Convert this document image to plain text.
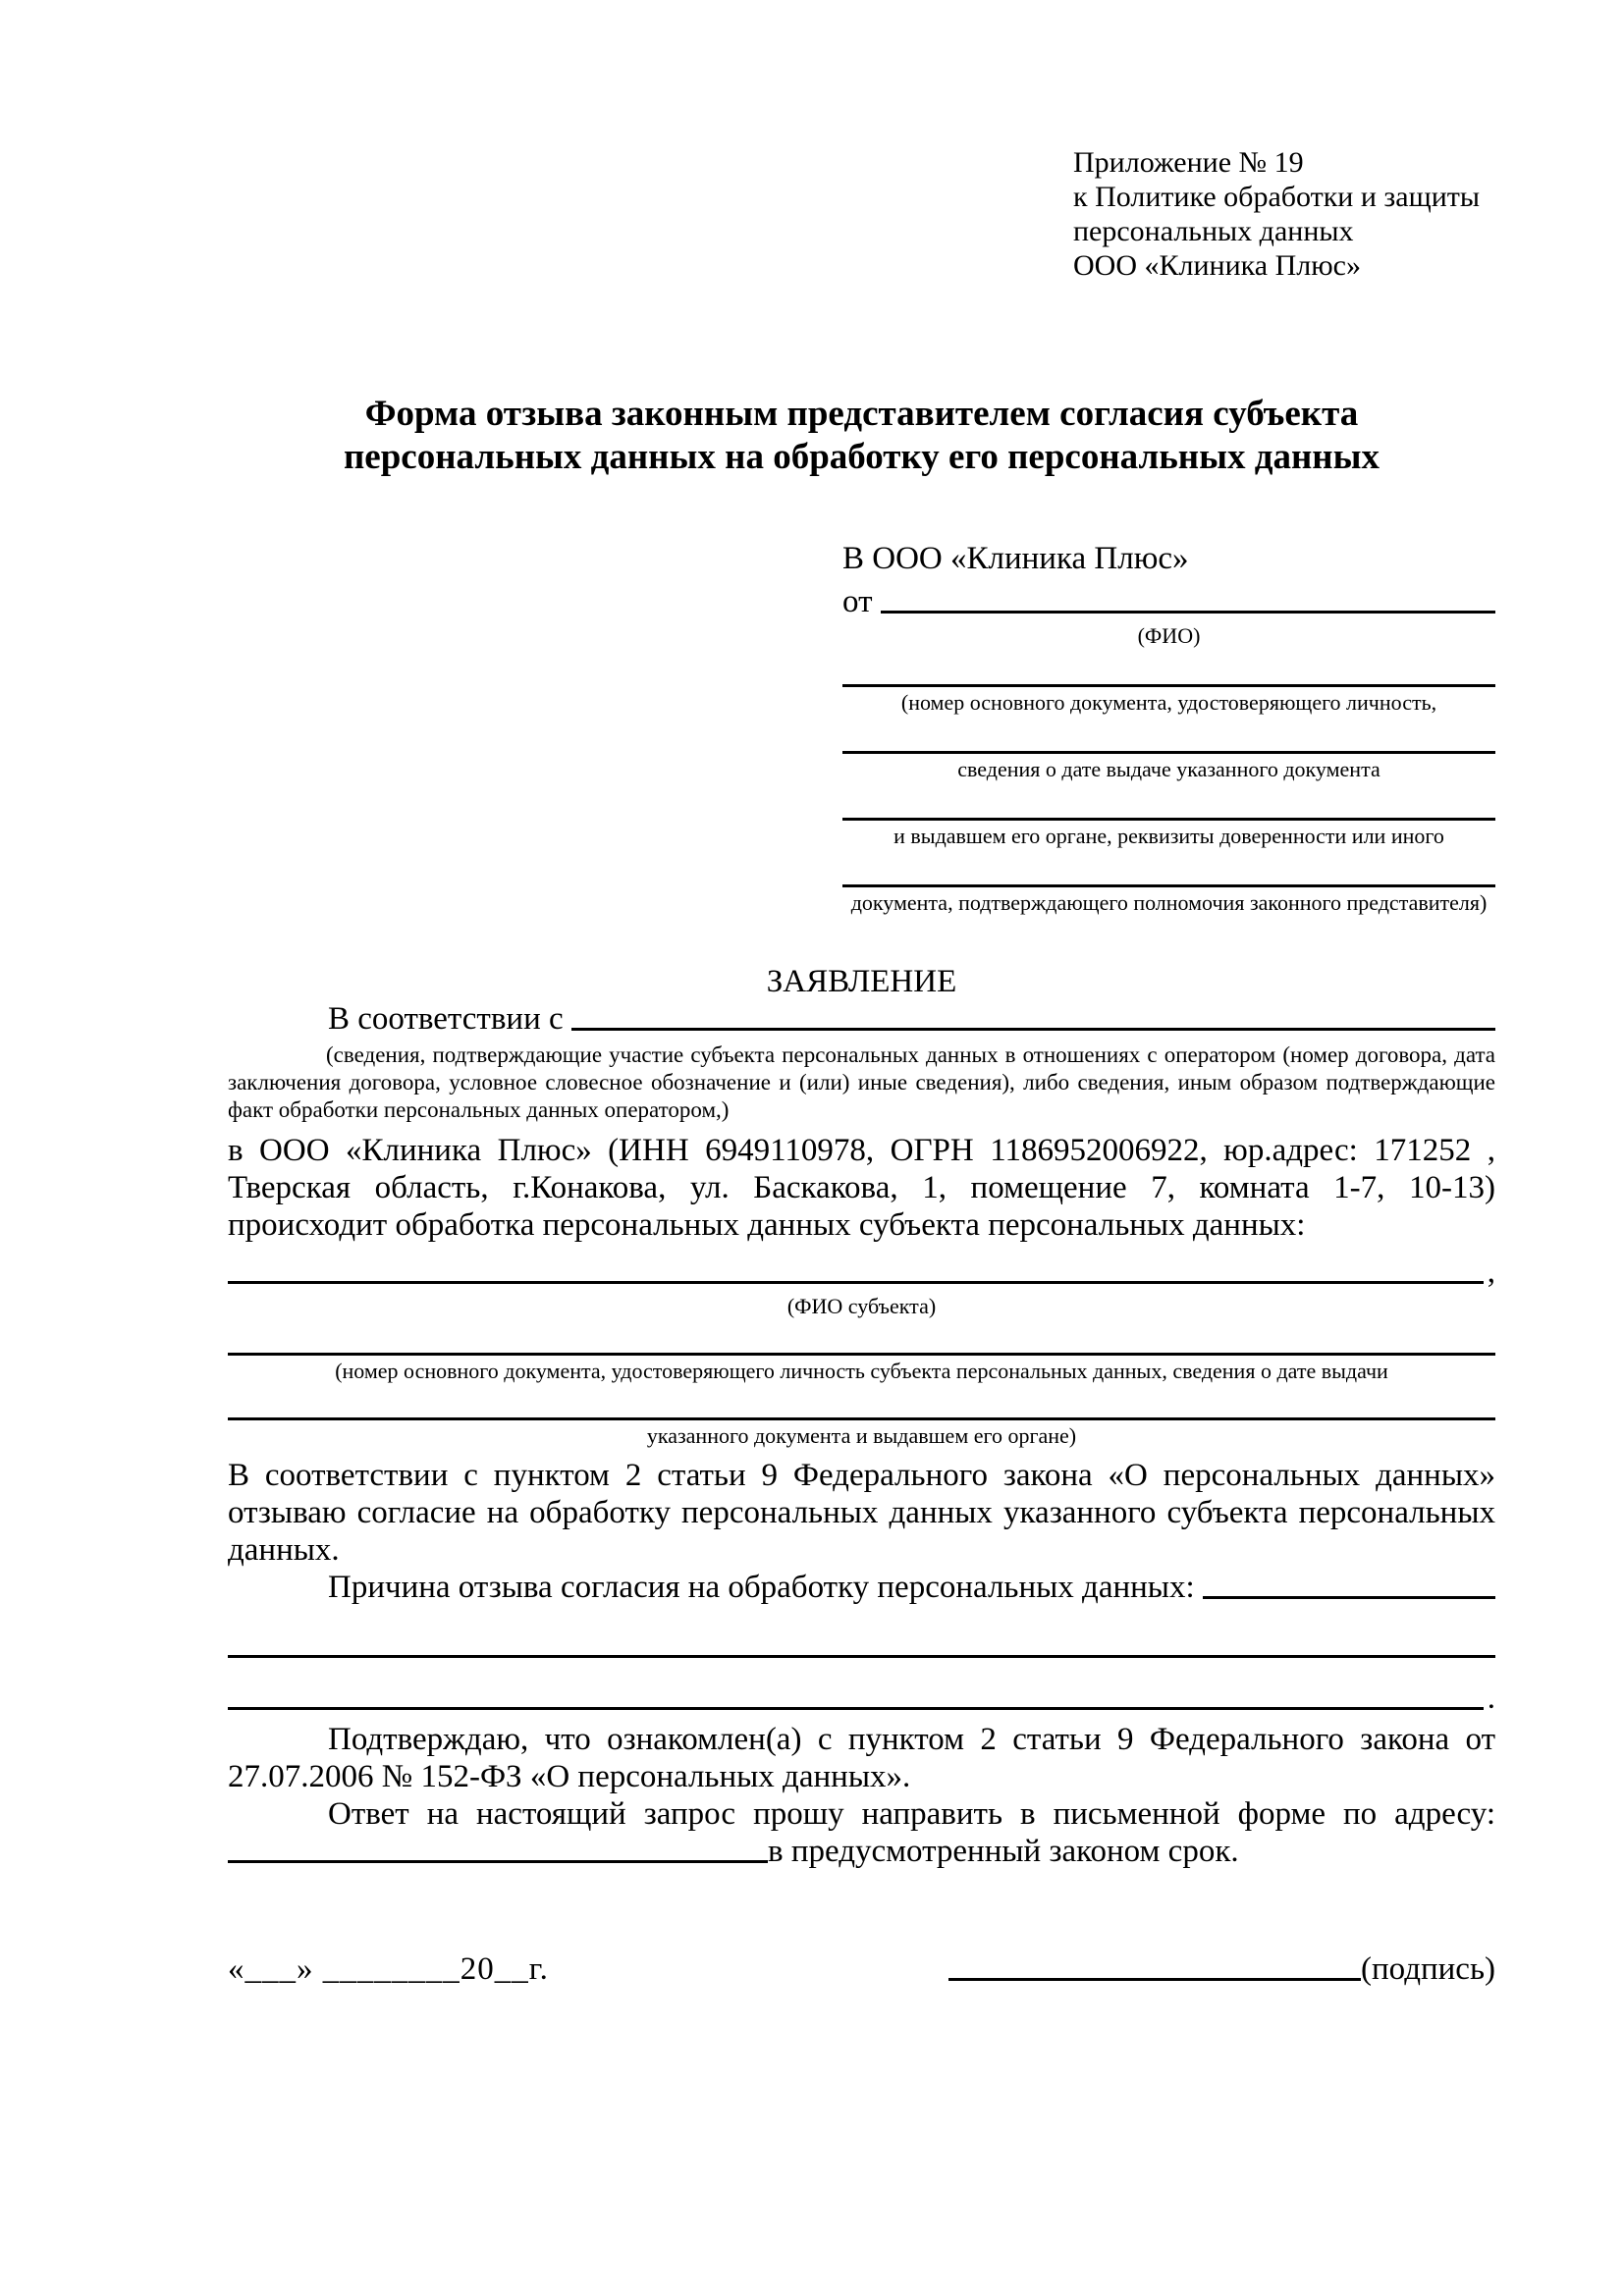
Приложение № 19
к Политике обработки и защиты
персональных данных
ООО «Клиника Плюс»
Форма отзыва законным представителем согласия субъекта
персональных данных на обработку его персональных данных
В ООО «Клиника Плюс»
от
(ФИО)
(номер основного документа, удостоверяющего личность,
сведения о дате выдаче указанного документа
и выдавшем его органе, реквизиты доверенности или иного
документа, подтверждающего полномочия законного представителя)
ЗАЯВЛЕНИЕ
В соответствии с

(сведения, подтверждающие участие субъекта персональных данных в отношениях с оператором (номер договора, дата заключения договора, условное словесное обозначение и (или) иные сведения), либо сведения, иным образом подтверждающие факт обработки персональных данных оператором,)

в ООО «Клиника Плюс» (ИНН 6949110978, ОГРН 1186952006922, юр.адрес: 171252 , Тверская область, г.Конакова, ул. Баскакова, 1, помещение 7, комната 1-7, 10-13) происходит обработка персональных данных субъекта персональных данных:

,
(ФИО субъекта)
(номер основного документа, удостоверяющего личность субъекта персональных данных, сведения о дате выдачи
указанного документа и выдавшем его органе)

В соответствии с пунктом 2 статьи 9 Федерального закона «О персональных данных» отзываю согласие на обработку персональных данных указанного субъекта персональных данных.

Причина отзыва согласия на обработку персональных данных:
.

Подтверждаю, что ознакомлен(а) с пунктом 2 статьи 9 Федерального закона от 27.07.2006 № 152-ФЗ «О персональных данных».

Ответ на настоящий запрос прошу направить в письменной форме по адресу:

в предусмотренный законом срок.
«___» ________20__г.	(подпись)
